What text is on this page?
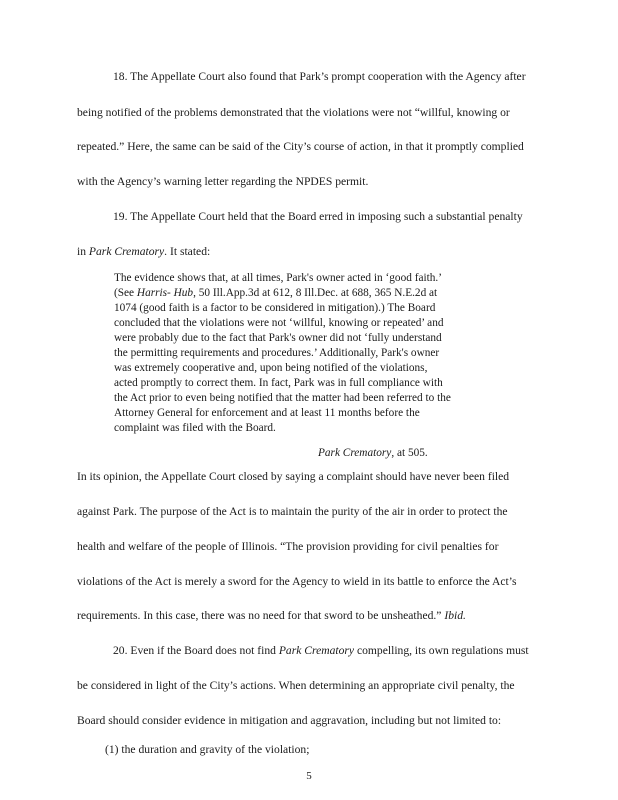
18. The Appellate Court also found that Park’s prompt cooperation with the Agency after
being notified of the problems demonstrated that the violations were not “willful, knowing or
repeated.” Here, the same can be said of the City’s course of action, in that it promptly complied
with the Agency’s warning letter regarding the NPDES permit.
19. The Appellate Court held that the Board erred in imposing such a substantial penalty
in Park Crematory. It stated:
The evidence shows that, at all times, Park's owner acted in ‘good faith.’
(See Harris- Hub, 50 Ill.App.3d at 612, 8 Ill.Dec. at 688, 365 N.E.2d at
1074 (good faith is a factor to be considered in mitigation).) The Board
concluded that the violations were not ‘willful, knowing or repeated’ and
were probably due to the fact that Park's owner did not ‘fully understand
the permitting requirements and procedures.’ Additionally, Park's owner
was extremely cooperative and, upon being notified of the violations,
acted promptly to correct them. In fact, Park was in full compliance with
the Act prior to even being notified that the matter had been referred to the
Attorney General for enforcement and at least 11 months before the
complaint was filed with the Board.
Park Crematory, at 505.
In its opinion, the Appellate Court closed by saying a complaint should have never been filed
against Park. The purpose of the Act is to maintain the purity of the air in order to protect the
health and welfare of the people of Illinois. “The provision providing for civil penalties for
violations of the Act is merely a sword for the Agency to wield in its battle to enforce the Act’s
requirements. In this case, there was no need for that sword to be unsheathed.” Ibid.
20. Even if the Board does not find Park Crematory compelling, its own regulations must
be considered in light of the City’s actions. When determining an appropriate civil penalty, the
Board should consider evidence in mitigation and aggravation, including but not limited to:
5
(1) the duration and gravity of the violation;
